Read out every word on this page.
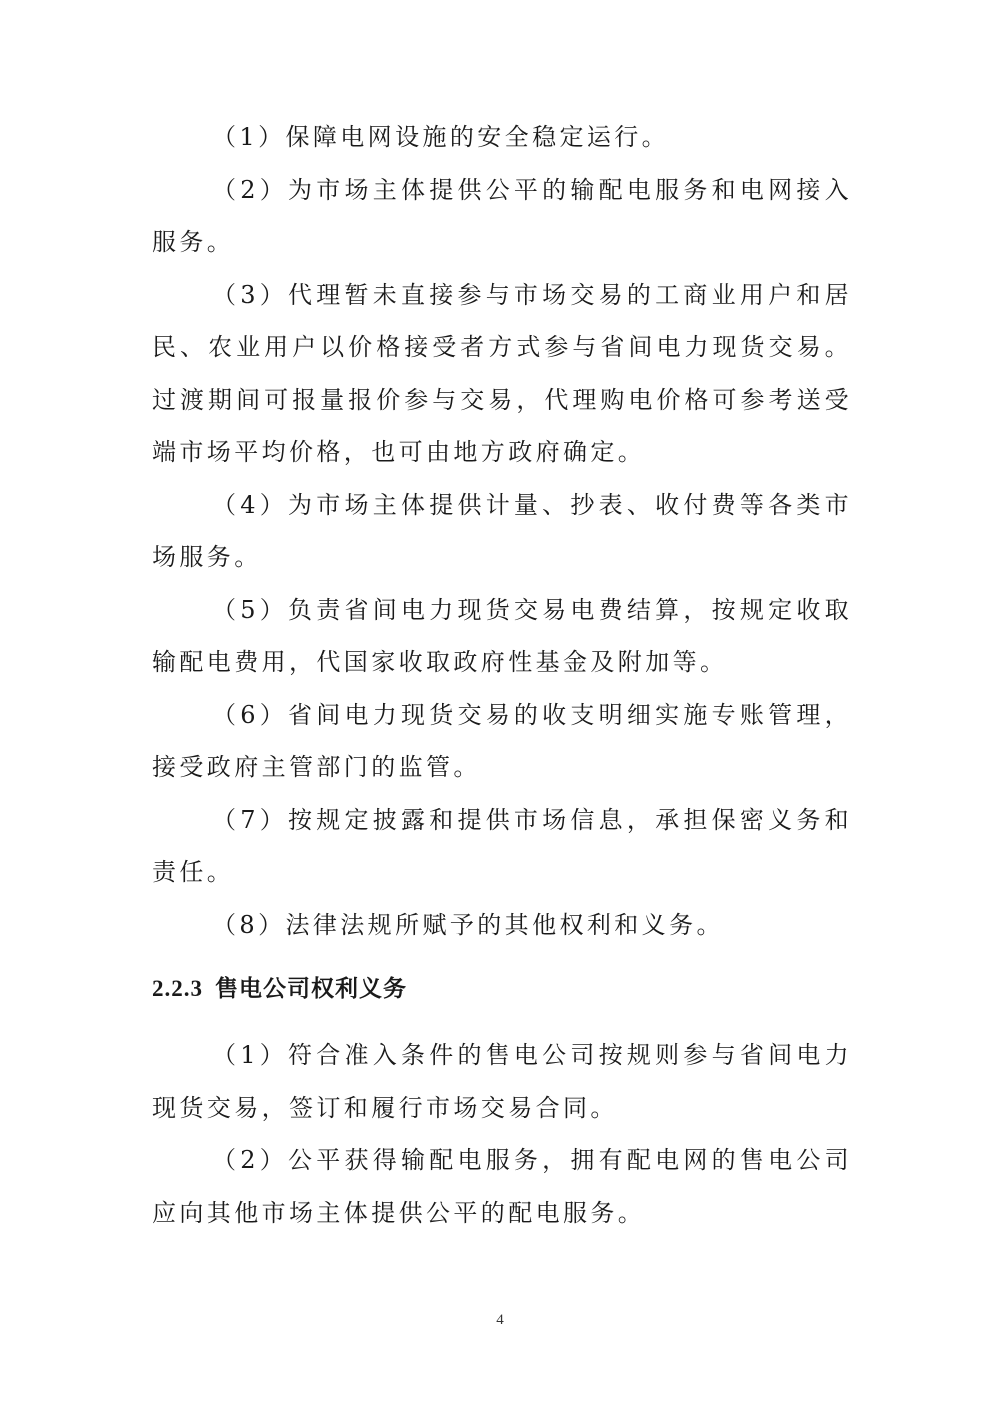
（1）保障电网设施的安全稳定运行。

（2）为市场主体提供公平的输配电服务和电网接入服务。

（3）代理暂未直接参与市场交易的工商业用户和居民、农业用户以价格接受者方式参与省间电力现货交易。过渡期间可报量报价参与交易，代理购电价格可参考送受端市场平均价格，也可由地方政府确定。

（4）为市场主体提供计量、抄表、收付费等各类市场服务。

（5）负责省间电力现货交易电费结算，按规定收取输配电费用，代国家收取政府性基金及附加等。

（6）省间电力现货交易的收支明细实施专账管理，接受政府主管部门的监管。

（7）按规定披露和提供市场信息，承担保密义务和责任。

（8）法律法规所赋予的其他权利和义务。

2.2.3 售电公司权利义务

（1）符合准入条件的售电公司按规则参与省间电力现货交易，签订和履行市场交易合同。

（2）公平获得输配电服务，拥有配电网的售电公司应向其他市场主体提供公平的配电服务。

4
